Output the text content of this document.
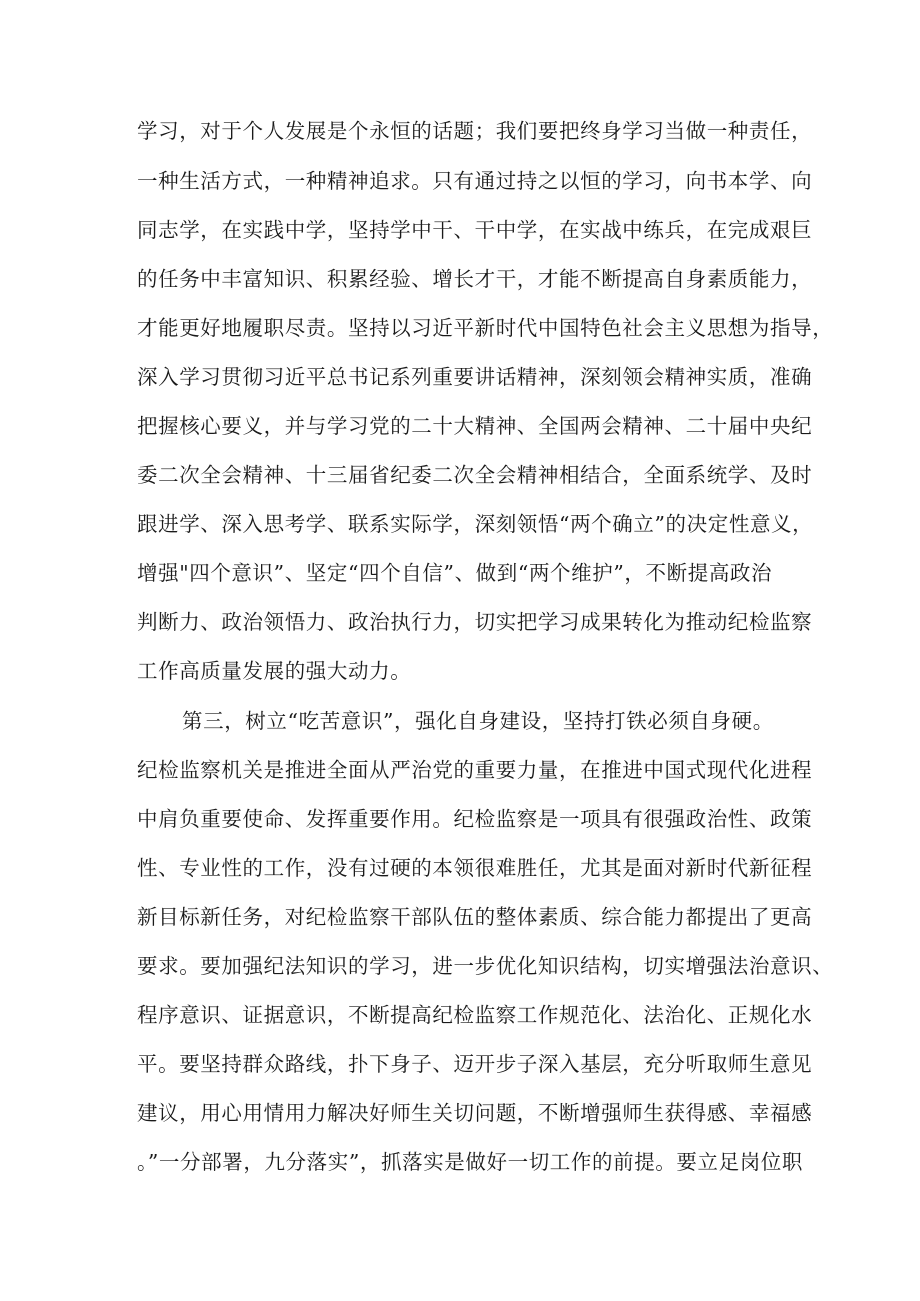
学习，对于个人发展是个永恒的话题；我们要把终身学习当做一种责任，
一种生活方式，一种精神追求。只有通过持之以恒的学习，向书本学、向
同志学，在实践中学，坚持学中干、干中学，在实战中练兵，在完成艰巨
的任务中丰富知识、积累经验、增长才干，才能不断提高自身素质能力，
才能更好地履职尽责。坚持以习近平新时代中国特色社会主义思想为指导，
深入学习贯彻习近平总书记系列重要讲话精神，深刻领会精神实质，准确
把握核心要义，并与学习党的二十大精神、全国两会精神、二十届中央纪
委二次全会精神、十三届省纪委二次全会精神相结合，全面系统学、及时
跟进学、深入思考学、联系实际学，深刻领悟“两个确立”的决定性意义，
增强"四个意识”、坚定“四个自信”、做到“两个维护”，不断提高政治
判断力、政治领悟力、政治执行力，切实把学习成果转化为推动纪检监察
工作高质量发展的强大动力。
第三，树立“吃苦意识”，强化自身建设，坚持打铁必须自身硬。
纪检监察机关是推进全面从严治党的重要力量，在推进中国式现代化进程
中肩负重要使命、发挥重要作用。纪检监察是一项具有很强政治性、政策
性、专业性的工作，没有过硬的本领很难胜任，尤其是面对新时代新征程
新目标新任务，对纪检监察干部队伍的整体素质、综合能力都提出了更高
要求。要加强纪法知识的学习，进一步优化知识结构，切实增强法治意识、
程序意识、证据意识，不断提高纪检监察工作规范化、法治化、正规化水
平。要坚持群众路线，扑下身子、迈开步子深入基层，充分听取师生意见
建议，用心用情用力解决好师生关切问题，不断增强师生获得感、幸福感
。”一分部署，九分落实”，抓落实是做好一切工作的前提。要立足岗位职
